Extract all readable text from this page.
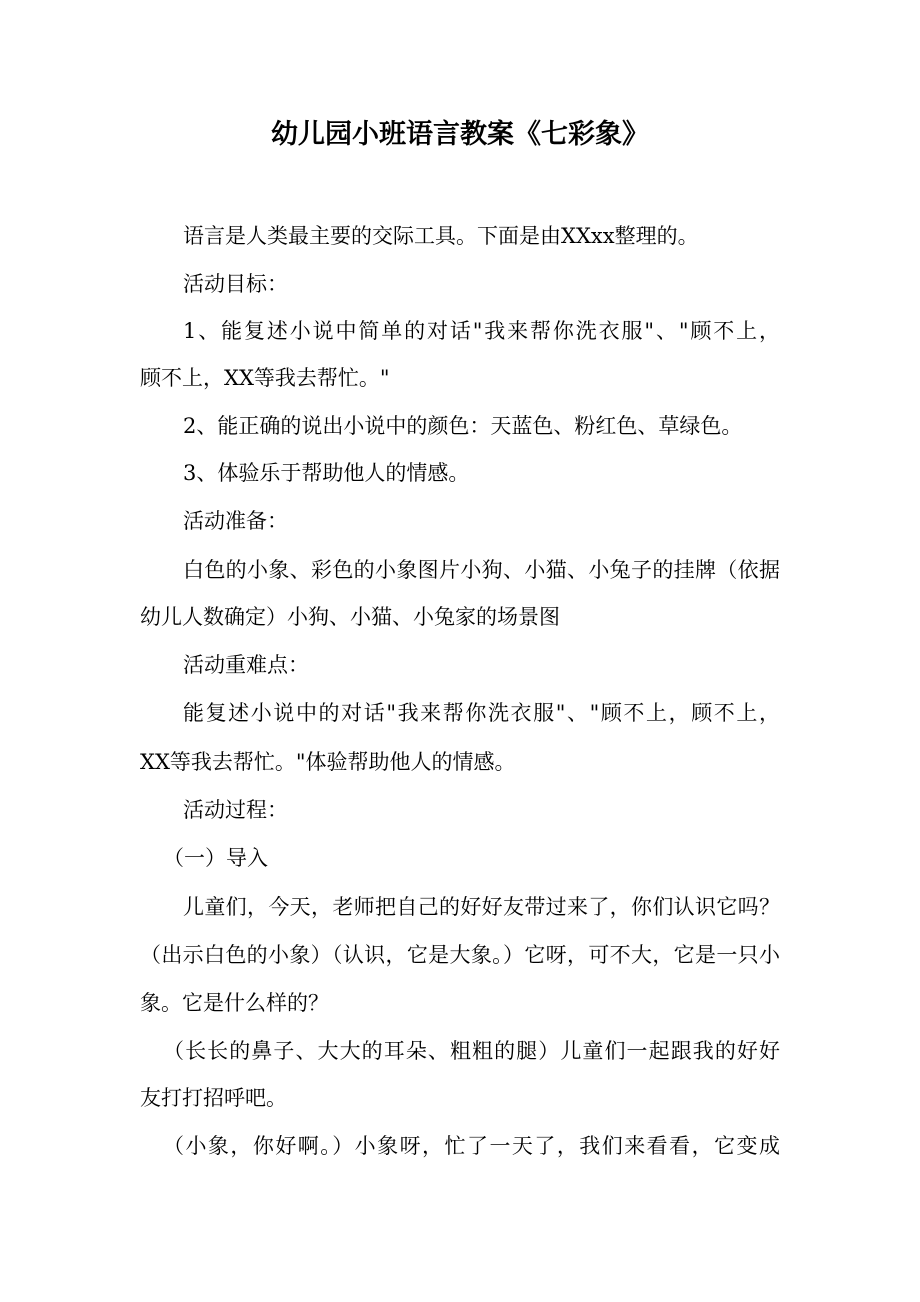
幼儿园小班语言教案《七彩象》
语言是人类最主要的交际工具。下面是由XXxx整理的。
活动目标：
1、能复述小说中简单的对话"我来帮你洗衣服"、"顾不上，
顾不上，XX等我去帮忙。"
2、能正确的说出小说中的颜色：天蓝色、粉红色、草绿色。
3、体验乐于帮助他人的情感。
活动准备：
白色的小象、彩色的小象图片小狗、小猫、小兔子的挂牌（依据
幼儿人数确定）小狗、小猫、小兔家的场景图
活动重难点：
能复述小说中的对话"我来帮你洗衣服"、"顾不上，顾不上，
XX等我去帮忙。"体验帮助他人的情感。
活动过程：
（一）导入
儿童们，今天，老师把自己的好好友带过来了，你们认识它吗？
（出示白色的小象）（认识，它是大象。）它呀，可不大，它是一只小
象。它是什么样的？
（长长的鼻子、大大的耳朵、粗粗的腿）儿童们一起跟我的好好
友打打招呼吧。
（小象，你好啊。）小象呀，忙了一天了，我们来看看，它变成
